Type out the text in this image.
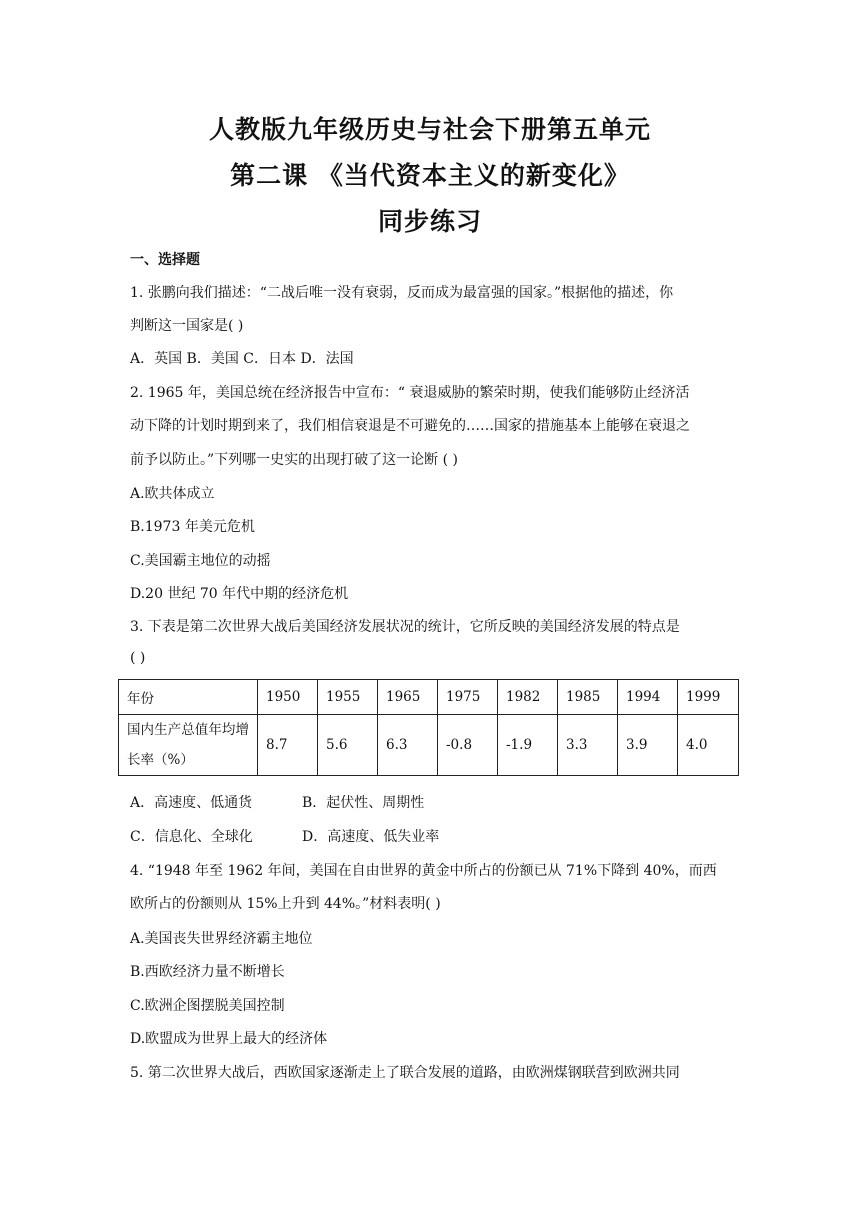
人教版九年级历史与社会下册第五单元
第二课 《当代资本主义的新变化》
同步练习
一、选择题
1. 张鹏向我们描述：“二战后唯一没有衰弱，反而成为最富强的国家。”根据他的描述，你
判断这一国家是( )
A．英国 B．美国 C．日本 D．法国
2. 1965 年，美国总统在经济报告中宣布：“ 衰退威胁的繁荣时期，使我们能够防止经济活
动下降的计划时期到来了，我们相信衰退是不可避免的……国家的措施基本上能够在衰退之
前予以防止。”下列哪一史实的出现打破了这一论断 ( )
A.欧共体成立
B.1973 年美元危机
C.美国霸主地位的动摇
D.20 世纪 70 年代中期的经济危机
3. 下表是第二次世界大战后美国经济发展状况的统计，它所反映的美国经济发展的特点是
( )
年份	1950	1955	1965	1975	1982	1985	1994	1999
国内生产总值年均增长率（%）	8.7	5.6	6.3	-0.8	-1.9	3.3	3.9	4.0
A．高速度、低通货	B．起伏性、周期性
C．信息化、全球化	D．高速度、低失业率
4. “1948 年至 1962 年间，美国在自由世界的黄金中所占的份额已从 71%下降到 40%，而西
欧所占的份额则从 15%上升到 44%。”材料表明( )
A.美国丧失世界经济霸主地位
B.西欧经济力量不断增长
C.欧洲企图摆脱美国控制
D.欧盟成为世界上最大的经济体
5. 第二次世界大战后，西欧国家逐渐走上了联合发展的道路，由欧洲煤钢联营到欧洲共同
